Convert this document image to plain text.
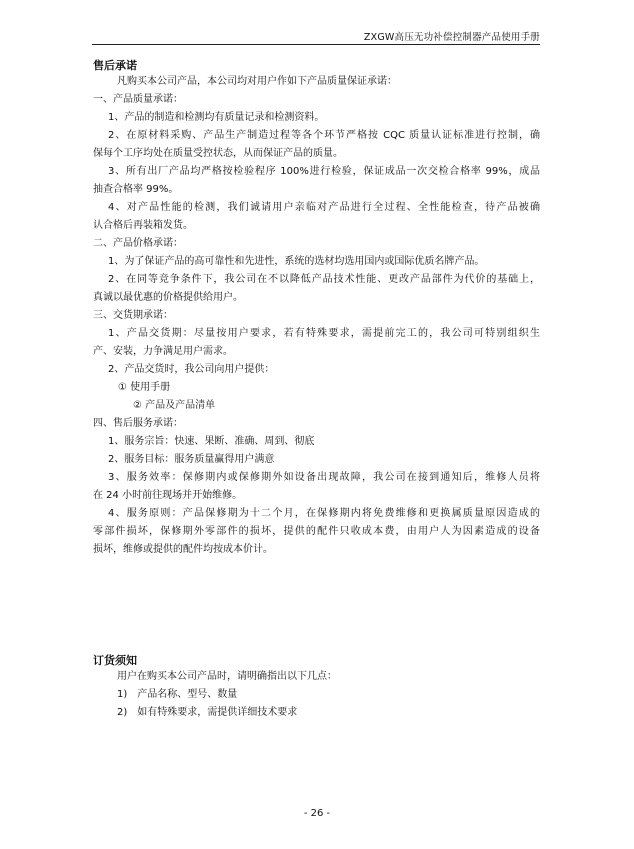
ZXGW高压无功补偿控制器产品使用手册
售后承诺
凡购买本公司产品，本公司均对用户作如下产品质量保证承诺：
一、产品质量承诺：
1、产品的制造和检测均有质量记录和检测资料。
2、在原材料采购、产品生产制造过程等各个环节严格按 CQC 质量认证标准进行控制，确
保每个工序均处在质量受控状态，从而保证产品的质量。
3、所有出厂产品均严格按检验程序 100%进行检验，保证成品一次交检合格率 99%，成品
抽查合格率 99%。
4、对产品性能的检测，我们诚请用户亲临对产品进行全过程、全性能检查，待产品被确
认合格后再装箱发货。
二、产品价格承诺：
1、为了保证产品的高可靠性和先进性，系统的选材均选用国内或国际优质名牌产品。
2、在同等竞争条件下，我公司在不以降低产品技术性能、更改产品部件为代价的基础上，
真诚以最优惠的价格提供给用户。
三、交货期承诺：
1、产品交货期：尽量按用户要求，若有特殊要求，需提前完工的，我公司可特别组织生
产、安装，力争满足用户需求。
2、产品交货时，我公司向用户提供：
① 使用手册
② 产品及产品清单
四、售后服务承诺：
1、服务宗旨：快速、果断、准确、周到、彻底
2、服务目标：服务质量赢得用户满意
3、服务效率：保修期内或保修期外如设备出现故障，我公司在接到通知后，维修人员将
在 24 小时前往现场并开始维修。
4、服务原则：产品保修期为十二个月，在保修期内将免费维修和更换属质量原因造成的
零部件损坏，保修期外零部件的损坏，提供的配件只收成本费，由用户人为因素造成的设备
损坏，维修或提供的配件均按成本价计。
订货须知
用户在购买本公司产品时，请明确指出以下几点：
1)　产品名称、型号、数量
2)　如有特殊要求，需提供详细技术要求
- 26 -
